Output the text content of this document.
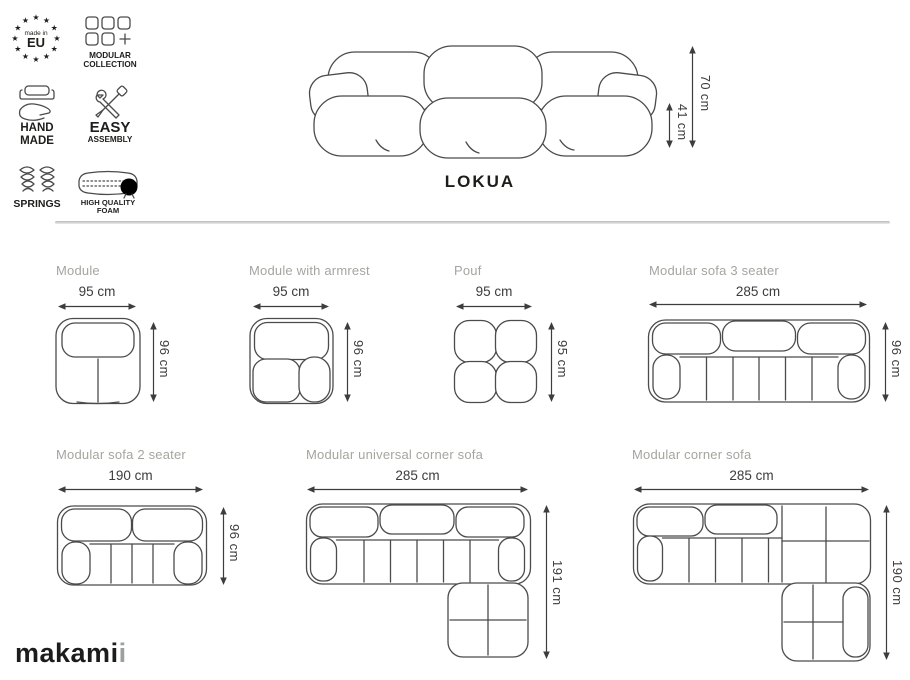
★
★
★
★
★
★
★
★
★ ★ ★
★
made in
EU
MODULAR
COLLECTION
HAND
MADE
EASY
ASSEMBLY
SPRINGS	HIGH QUALITY
FOAM
LOKUA
70 cm
41 cm
Module
95 cm
96 cm
Module with armrest
95 cm
96 cm
Pouf
95 cm
95 cm
Modular sofa 3 seater
285 cm
96 cm
Modular sofa 2 seater
190 cm
96 cm
Modular universal corner sofa
285 cm
191 cm
Modular corner sofa
285 cm
190 cm
makamii
